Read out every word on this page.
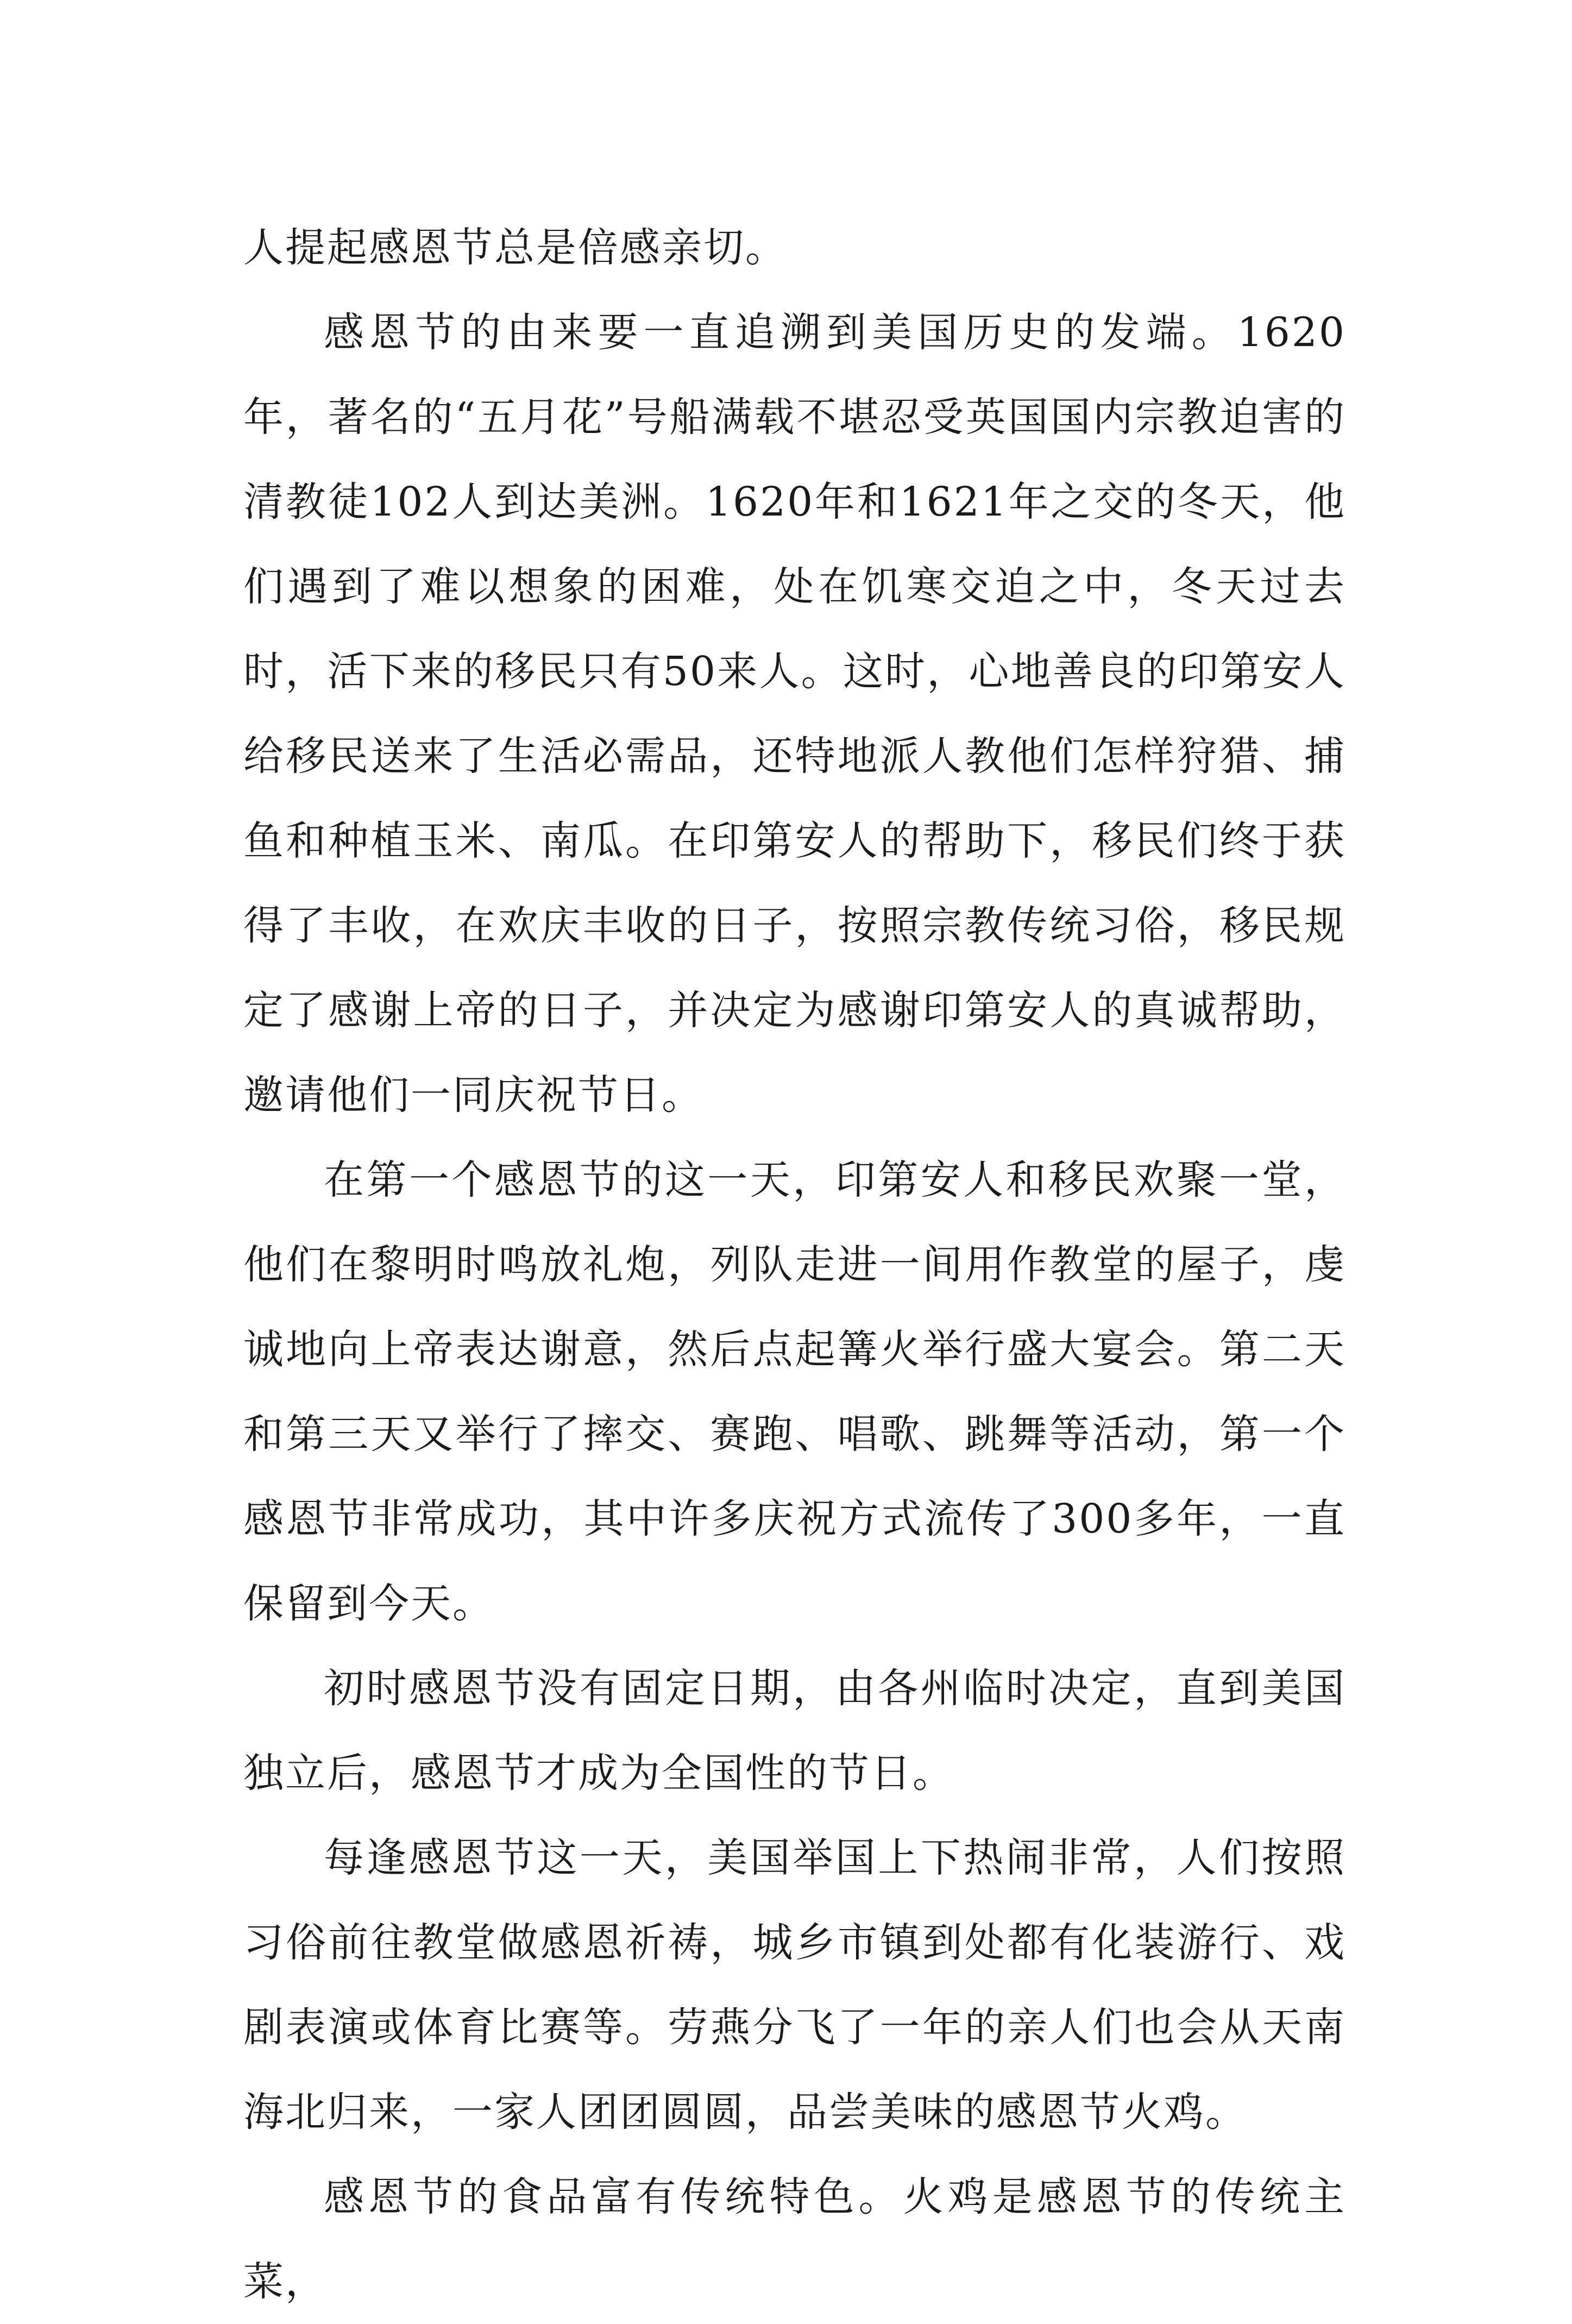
人提起感恩节总是倍感亲切。

感恩节的由来要一直追溯到美国历史的发端。1620年，著名的“五月花”号船满载不堪忍受英国国内宗教迫害的清教徒102人到达美洲。1620年和1621年之交的冬天，他们遇到了难以想象的困难，处在饥寒交迫之中，冬天过去时，活下来的移民只有50来人。这时，心地善良的印第安人给移民送来了生活必需品，还特地派人教他们怎样狩猎、捕鱼和种植玉米、南瓜。在印第安人的帮助下，移民们终于获得了丰收，在欢庆丰收的日子，按照宗教传统习俗，移民规定了感谢上帝的日子，并决定为感谢印第安人的真诚帮助，邀请他们一同庆祝节日。

在第一个感恩节的这一天，印第安人和移民欢聚一堂，他们在黎明时鸣放礼炮，列队走进一间用作教堂的屋子，虔诚地向上帝表达谢意，然后点起篝火举行盛大宴会。第二天和第三天又举行了摔交、赛跑、唱歌、跳舞等活动，第一个感恩节非常成功，其中许多庆祝方式流传了300多年，一直保留到今天。

初时感恩节没有固定日期，由各州临时决定，直到美国独立后，感恩节才成为全国性的节日。

每逢感恩节这一天，美国举国上下热闹非常，人们按照习俗前往教堂做感恩祈祷，城乡市镇到处都有化装游行、戏剧表演或体育比赛等。劳燕分飞了一年的亲人们也会从天南海北归来，一家人团团圆圆，品尝美味的感恩节火鸡。

感恩节的食品富有传统特色。火鸡是感恩节的传统主菜，
